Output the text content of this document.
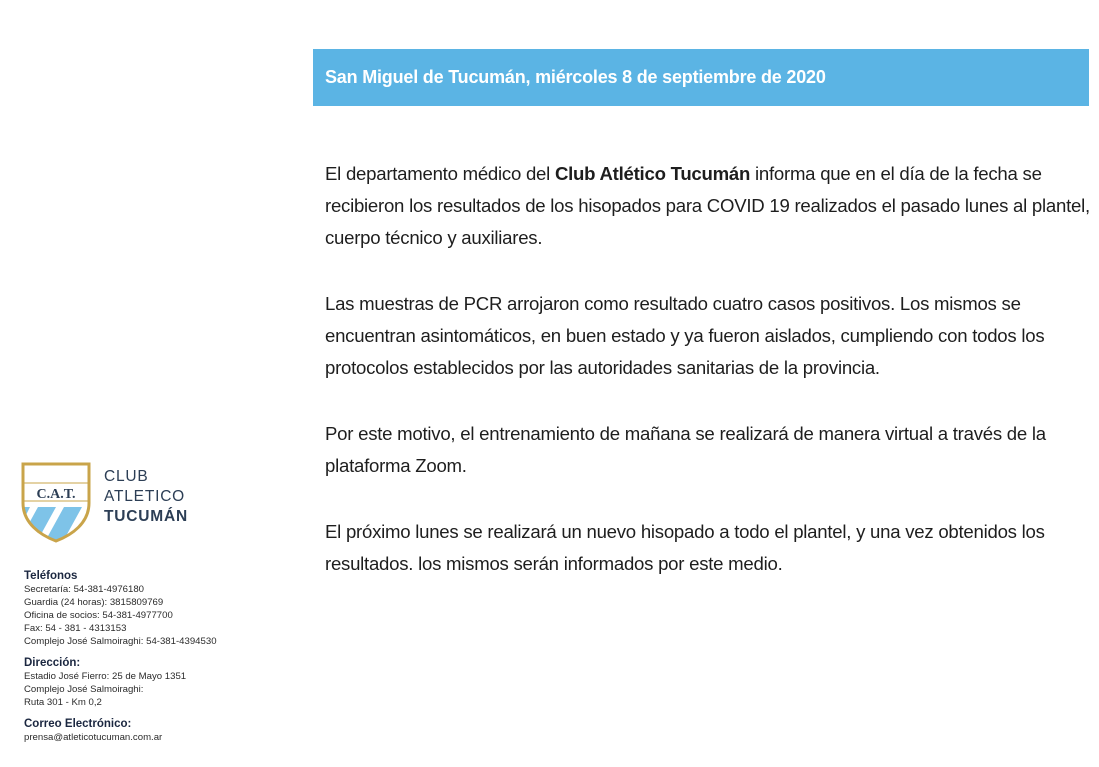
San Miguel de Tucumán, miércoles 8 de septiembre de 2020

El departamento médico del Club Atlético Tucumán informa que en el día de la fecha se recibieron los resultados de los hisopados para COVID 19 realizados el pasado lunes al plantel, cuerpo técnico y auxiliares.

Las muestras de PCR arrojaron como resultado cuatro casos positivos. Los mismos se encuentran asintomáticos, en buen estado y ya fueron aislados, cumpliendo con todos los protocolos establecidos por las autoridades sanitarias de la provincia.

Por este motivo, el entrenamiento de mañana se realizará de manera virtual a través de la plataforma Zoom.

El próximo lunes se realizará un nuevo hisopado a todo el plantel, y una vez obtenidos los resultados. los mismos serán informados por este medio.

C.A.T.
CLUB
ATLETICO
TUCUMÁN
Teléfonos
Secretaría: 54-381-4976180
Guardia (24 horas): 3815809769
Oficina de socios: 54-381-4977700
Fax: 54 - 381 - 4313153
Complejo José Salmoiraghi: 54-381-4394530
Dirección:
Estadio José Fierro: 25 de Mayo 1351
Complejo José Salmoiraghi:
Ruta 301 - Km 0,2
Correo Electrónico:
prensa@atleticotucuman.com.ar
